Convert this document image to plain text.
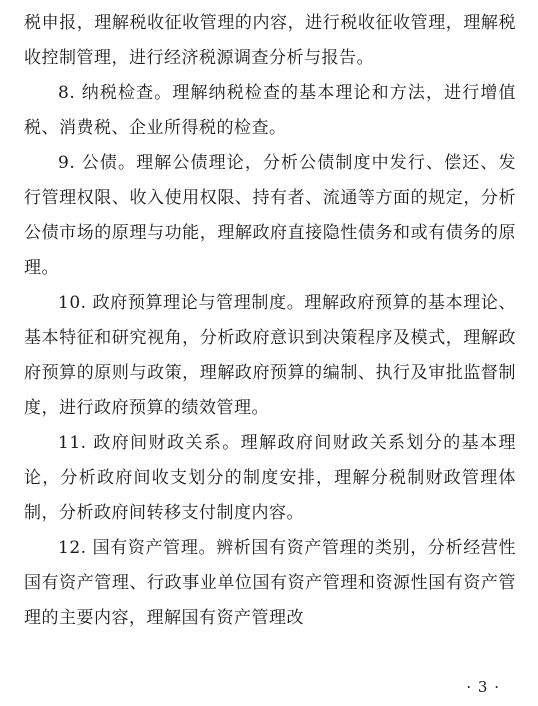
税申报，理解税收征收管理的内容，进行税收征收管理，理解税收控制管理，进行经济税源调查分析与报告。

8. 纳税检查。理解纳税检查的基本理论和方法，进行增值税、消费税、企业所得税的检查。

9. 公债。理解公债理论，分析公债制度中发行、偿还、发行管理权限、收入使用权限、持有者、流通等方面的规定，分析公债市场的原理与功能，理解政府直接隐性债务和或有债务的原理。

10. 政府预算理论与管理制度。理解政府预算的基本理论、基本特征和研究视角，分析政府意识到决策程序及模式，理解政府预算的原则与政策，理解政府预算的编制、执行及审批监督制度，进行政府预算的绩效管理。

11. 政府间财政关系。理解政府间财政关系划分的基本理论，分析政府间收支划分的制度安排，理解分税制财政管理体制，分析政府间转移支付制度内容。

12. 国有资产管理。辨析国有资产管理的类别，分析经营性国有资产管理、行政事业单位国有资产管理和资源性国有资产管理的主要内容，理解国有资产管理改

· 3 ·
